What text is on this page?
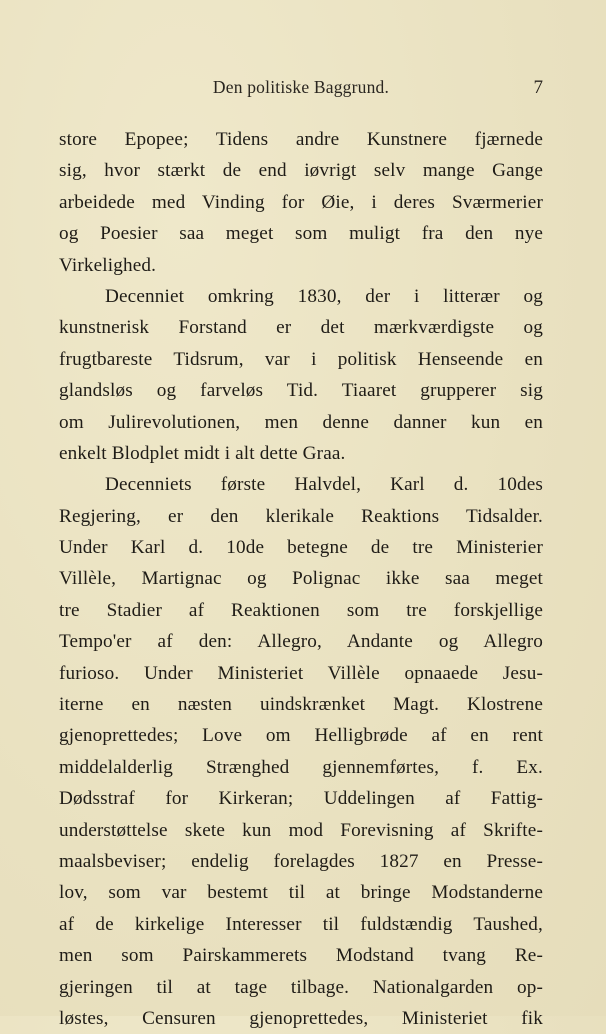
Den politiske Baggrund.	7
store Epopee; Tidens andre Kunstnere fjærnede
sig, hvor stærkt de end iøvrigt selv mange Gange
arbeidede med Vinding for Øie, i deres Sværmerier
og Poesier saa meget som muligt fra den nye
Virkelighed.
Decenniet omkring 1830, der i litterær og
kunstnerisk Forstand er det mærkværdigste og
frugtbareste Tidsrum, var i politisk Henseende en
glandsløs og farveløs Tid. Tiaaret grupperer sig
om Julirevolutionen, men denne danner kun en
enkelt Blodplet midt i alt dette Graa.
Decenniets første Halvdel, Karl d. 10des
Regjering, er den klerikale Reaktions Tidsalder.
Under Karl d. 10de betegne de tre Ministerier
Villèle, Martignac og Polignac ikke saa meget
tre Stadier af Reaktionen som tre forskjellige
Tempo'er af den: Allegro, Andante og Allegro
furioso. Under Ministeriet Villèle opnaaede Jesu-
iterne en næsten uindskrænket Magt. Klostrene
gjenoprettedes; Love om Helligbrøde af en rent
middelalderlig Strænghed gjennemførtes, f. Ex.
Dødsstraf for Kirkeran; Uddelingen af Fattig-
understøttelse skete kun mod Forevisning af Skrifte-
maalsbeviser; endelig forelagdes 1827 en Presse-
lov, som var bestemt til at bringe Modstanderne
af de kirkelige Interesser til fuldstændig Taushed,
men som Pairskammerets Modstand tvang Re-
gjeringen til at tage tilbage. Nationalgarden op-
løstes, Censuren gjenoprettedes, Ministeriet fik
